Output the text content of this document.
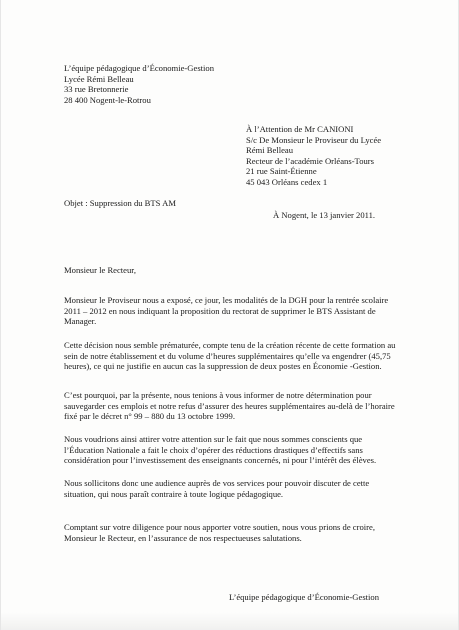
L’équipe pédagogique d’Économie-Gestion
Lycée Rémi Belleau
33 rue Bretonnerie
28 400 Nogent-le-Rotrou
À l’Attention de Mr CANIONI
S/c De Monsieur le Proviseur du Lycée
Rémi Belleau
Recteur de l’académie Orléans-Tours
21 rue Saint-Étienne
45 043 Orléans cedex 1
Objet : Suppression du BTS AM
À Nogent, le 13 janvier 2011.
Monsieur le Recteur,
Monsieur le Proviseur nous a exposé, ce jour, les modalités de la DGH pour la rentrée scolaire
2011 – 2012 en nous indiquant la proposition du rectorat de supprimer le BTS Assistant de
Manager.
Cette décision nous semble prématurée, compte tenu de la création récente de cette formation au
sein de notre établissement et du volume d’heures supplémentaires qu’elle va engendrer (45,75
heures), ce qui ne justifie en aucun cas la suppression de deux postes en Économie -Gestion.
C’est pourquoi, par la présente, nous tenions à vous informer de notre détermination pour
sauvegarder ces emplois et notre refus d’assurer des heures supplémentaires au-delà de l’horaire
fixé par le décret n° 99 – 880 du 13 octobre 1999.
Nous voudrions ainsi attirer votre attention sur le fait que nous sommes conscients que
l’Éducation Nationale a fait le choix d’opérer des réductions drastiques d’effectifs sans
considération pour l’investissement des enseignants concernés, ni pour l’intérêt des élèves.
Nous sollicitons donc une audience auprès de vos services pour pouvoir discuter de cette
situation, qui nous paraît contraire à toute logique pédagogique.
Comptant sur votre diligence pour nous apporter votre soutien, nous vous prions de croire,
Monsieur le Recteur, en l’assurance de nos respectueuses salutations.
L’équipe pédagogique d’Économie-Gestion
